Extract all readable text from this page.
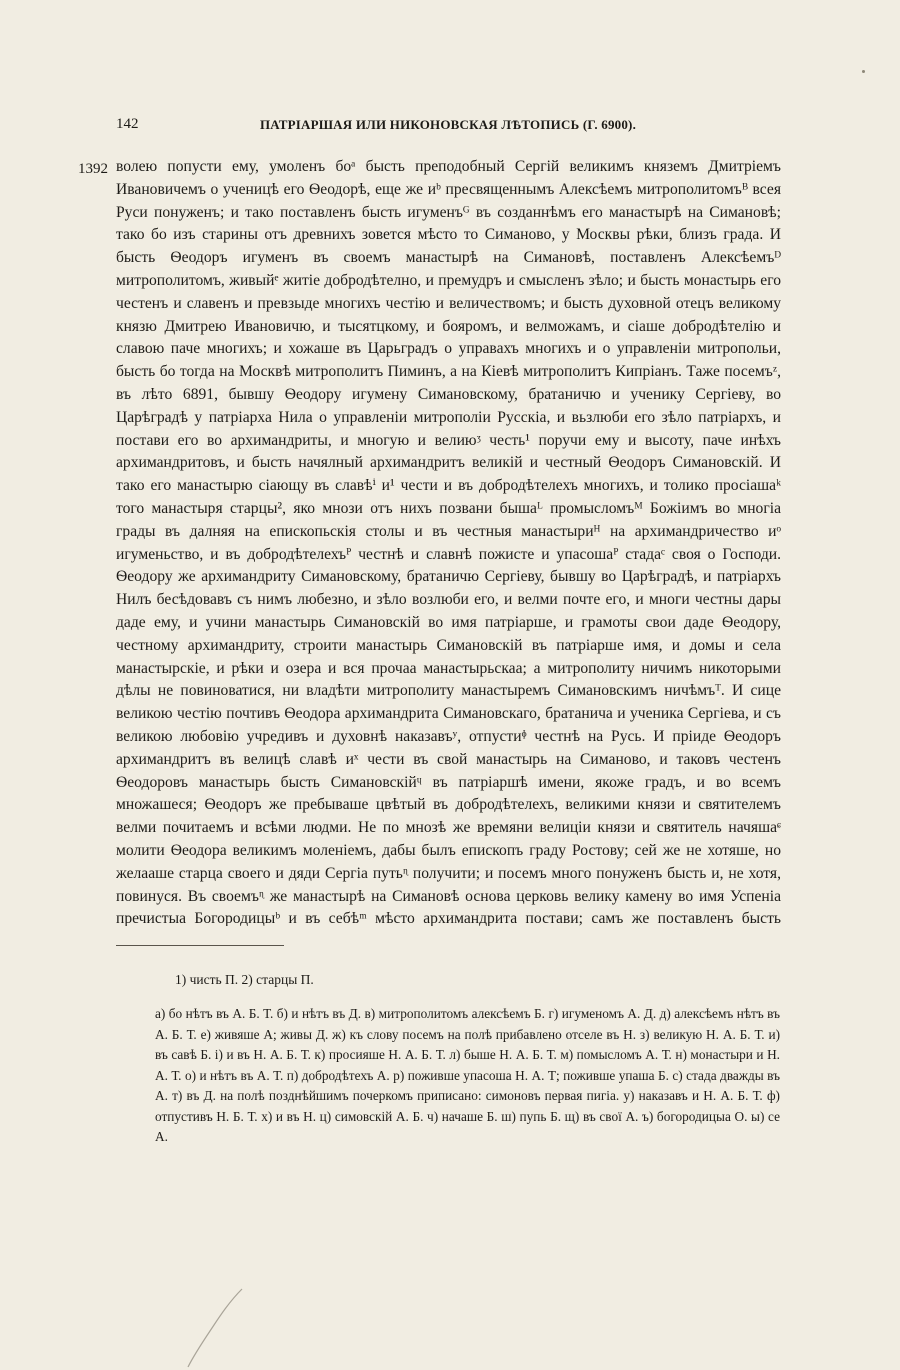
142	ПАТРІАРШАЯ ИЛИ НИКОНОВСКАЯ ЛѢТОПИСЬ (Г. 6900).
1392 волею попусти ему, умоленъ бoᵃ бысть преподобный Сергій великимъ княземъ Дмитріемъ Ивановичемъ о ученицѣ его Ѳеодорѣ, еще же иᵇ пресвященнымъ Алексѣемъ митрополитомъᴮ всея Руси понуженъ; и тако поставленъ бысть игуменъᴳ въ созданнѣмъ его манастырѣ на Симановѣ; тако бо изъ старины отъ древнихъ зовется мѣсто то Симаново, у Москвы рѣки, близъ града. И бысть Ѳеодоръ игуменъ въ своемъ манастырѣ на Симановѣ, поставленъ Алексѣемъᴰ митрополитомъ, живыйᵉ житіе добродѣтелно, и премудръ и смысленъ зѣло; и бысть монастырь его честенъ и славенъ и превзыде многихъ честію и величествомъ; и бысть духовной отецъ великому князю Дмитрею Ивановичю, и тысятцкому, и бояромъ, и велможамъ, и сіаше добродѣтелію и славою паче многихъ; и хожаше въ Царьградъ о управахъ многихъ и о управленіи митропольи, бысть бо тогда на Москвѣ митрополитъ Пиминъ, а на Кіевѣ митрополитъ Кипріанъ. Таже посемъᶻ, въ лѣто 6891, бывшу Ѳеодору игумену Симановскому, братаничю и ученику Сергіеву, во Царѣградѣ у патріарха Нила о управленіи митрополіи Русскіа, и вьзлюби его зѣло патріархъ, и постави его во архимандриты, и многую и велиюᶾ честь¹ поручи ему и высоту, паче инѣхъ архимандритовъ, и бысть начялный архимандритъ великій и честный Ѳеодоръ Симановскій. И тако его манастырю сіающу въ славѣⁱ и¹ чести и въ добродѣтелехъ многихъ, и толико просіашаᵏ того манастыря старцы², яко мнози отъ нихъ позвани бышаᴸ промысломъᴹ Божіимъ во многіа грады въ далняя на епископьскія столы и въ честныя манастыриᴴ на архимандричество иᵒ игуменьство, и въ добродѣтелехъᴾ честнѣ и славнѣ пожисте и упасошаᴾ стадаᶜ своя о Господи. Ѳеодору же архимандриту Симановскому, братаничю Сергіеву, бывшу во Царѣградѣ, и патріархъ Нилъ бесѣдовавъ съ нимъ любезно, и зѣло возлюби его, и велми почте его, и многи честны дары даде ему, и учини манастырь Симановскій во имя патріарше, и грамоты свои даде Ѳеодору, честному архимандриту, строити манастырь Симановскій въ патріарше имя, и домы и села манастырскіе, и рѣки и озера и вся прочаа манастырьскаа; а митрополиту ничимъ никоторыми дѣлы не повиноватися, ни владѣти митрополиту манастыремъ Симановскимъ ничѣмъᵀ. И сице великою честію почтивъ Ѳеодора архимандрита Симановскаго, братанича и ученика Сергіева, и съ великою любовію учредивъ и духовнѣ наказавъʸ, отпустиᶲ честнѣ на Русь. И пріиде Ѳеодоръ архимандритъ въ велицѣ славѣ иˣ чести въ свой манастырь на Симаново, и таковъ честенъ Ѳеодоровъ манастырь бысть Симановскійᶣ въ патріаршѣ имени, якоже градъ, и во всемъ множашеся; Ѳеодоръ же пребываше цвѣтый въ добродѣтелехъ, великими князи и святителемъ велми почитаемъ и всѣми людми. Не по мнозѣ же времяни велиціи князи и святитель начяшаᶝ молити Ѳеодора великимъ моленіемъ, дабы былъ епископъ граду Ростову; сей же не хотяше, но желааше старца своего и дяди Сергіа путьᶯ получити; и посемъ много понуженъ бысть и, не хотя, повинуся. Въ своемъᶯ же манастырѣ на Симановѣ основа церковь велику камену во имя Успеніа пречистыа Богородицыᵇ и въ себѣᵐ мѣсто архимандрита постави; самъ же поставленъ бысть
1) чисть П. 2) старцы П.
а) бо нѣтъ въ А. Б. Т. б) и нѣтъ въ Д. в) митрополитомъ алексѣемъ Б. г) игуменомъ А. Д. д) алексѣемъ нѣтъ въ А. Б. Т. е) живяше А; живы Д. ж) къ слову посемъ на полѣ прибавлено отселе въ Н. з) великую Н. А. Б. Т. и) въ савѣ Б. і) и въ Н. А. Б. Т. к) просияше Н. А. Б. Т. л) быше Н. А. Б. Т. м) помысломъ А. Т. н) монастыри и Н. А. Т. о) и нѣтъ въ А. Т. п) добродѣтехъ А. р) поживше упасоша Н. А. Т; поживше упаша Б. с) стада дважды въ А. т) въ Д. на полѣ позднѣйшимъ почеркомъ приписано: симоновъ первая пигіа. у) наказавъ и Н. А. Б. Т. ф) отпустивъ Н. Б. Т. х) и въ Н. ц) симовскій А. Б. ч) начаше Б. ш) пупь Б. щ) въ свої А. ъ) богородицыа О. ы) се А.
